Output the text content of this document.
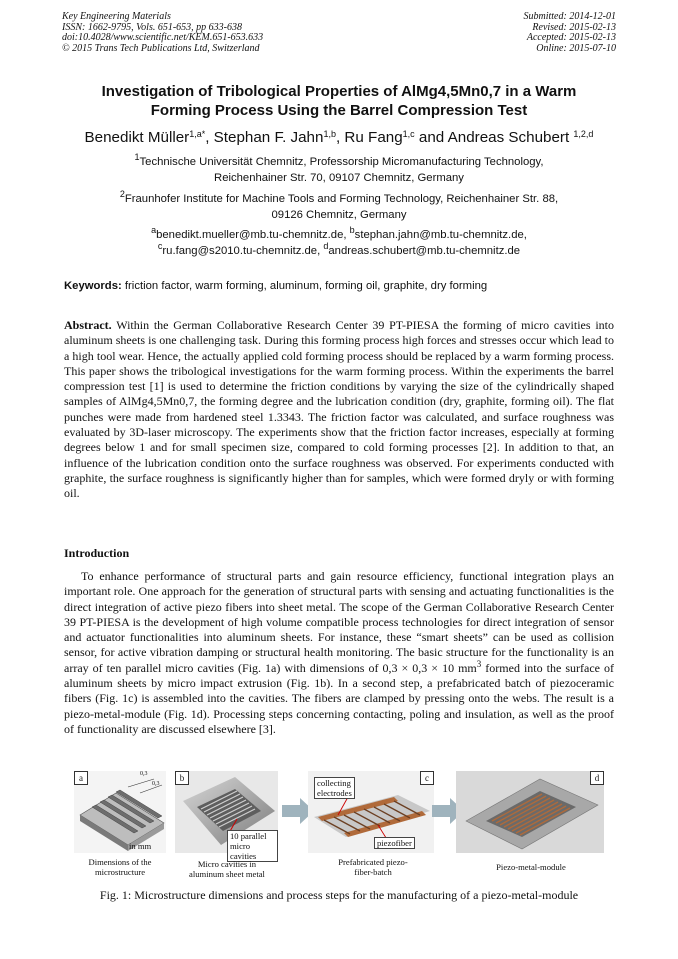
Key Engineering Materials
ISSN: 1662-9795, Vols. 651-653, pp 633-638
doi:10.4028/www.scientific.net/KEM.651-653.633
© 2015 Trans Tech Publications Ltd, Switzerland
Submitted: 2014-12-01
Revised: 2015-02-13
Accepted: 2015-02-13
Online: 2015-07-10
Investigation of Tribological Properties of AlMg4,5Mn0,7 in a Warm
Forming Process Using the Barrel Compression Test
Benedikt Müller$^{1,a*}$, Stephan F. Jahn$^{1,b}$, Ru Fang$^{1,c}$ and Andreas Schubert $^{1,2,d}$
$^1$Technische Universität Chemnitz, Professorship Micromanufacturing Technology,
Reichenhainer Str. 70, 09107 Chemnitz, Germany
$^2$Fraunhofer Institute for Machine Tools and Forming Technology, Reichenhainer Str. 88,
09126 Chemnitz, Germany
$^a$benedikt.mueller@mb.tu-chemnitz.de, $^b$stephan.jahn@mb.tu-chemnitz.de,
$^c$ru.fang@s2010.tu-chemnitz.de, $^d$andreas.schubert@mb.tu-chemnitz.de
Keywords: friction factor, warm forming, aluminum, forming oil, graphite, dry forming

Abstract. Within the German Collaborative Research Center 39 PT-PIESA the forming of micro cavities into aluminum sheets is one challenging task. During this forming process high forces and stresses occur which lead to a high tool wear. Hence, the actually applied cold forming process should be replaced by a warm forming process. This paper shows the tribological investigations for the warm forming process. Within the experiments the barrel compression test [1] is used to determine the friction conditions by varying the size of the cylindrically shaped samples of AlMg4,5Mn0,7, the forming degree and the lubrication condition (dry, graphite, forming oil). The flat punches were made from hardened steel 1.3343. The friction factor was calculated, and surface roughness was evaluated by 3D-laser microscopy. The experiments show that the friction factor increases, especially at forming degrees below 1 and for small specimen size, compared to cold forming processes [2]. In addition to that, an influence of the lubrication condition onto the surface roughness was observed. For experiments conducted with graphite, the surface roughness is significantly higher than for samples, which were formed dryly or with forming oil.

Introduction

To enhance performance of structural parts and gain resource efficiency, functional integration plays an important role. One approach for the generation of structural parts with sensing and actuating functionalities is the direct integration of active piezo fibers into sheet metal. The scope of the German Collaborative Research Center 39 PT-PIESA is the development of high volume compatible process technologies for direct integration of sensor and actuator functionalities into aluminum sheets. For instance, these “smart sheets” can be used as collision sensor, for active vibration damping or structural health monitoring. The basic structure for the functionality is an array of ten parallel micro cavities (Fig. 1a) with dimensions of 0,3 × 0,3 × 10 $mm^3$ formed into the surface of aluminum sheets by micro impact extrusion (Fig. 1b). In a second step, a prefabricated batch of piezoceramic fibers (Fig. 1c) is assembled into the cavities. The fibers are clamped by pressing onto the webs. The result is a piezo-metal-module (Fig. 1d). Processing steps concerning contacting, poling and insulation, as well as the proof of functionality are discussed elsewhere [3].

a	0,3
0,3
in mm
b
10 parallel
micro cavities
c
collecting
electrodes
piezofiber
d
Dimensions of the
microstructure
Micro cavities in
aluminum sheet metal
Prefabricated piezo-
fiber-batch
Piezo-metal-module
Fig. 1: Microstructure dimensions and process steps for the manufacturing of a piezo-metal-module
